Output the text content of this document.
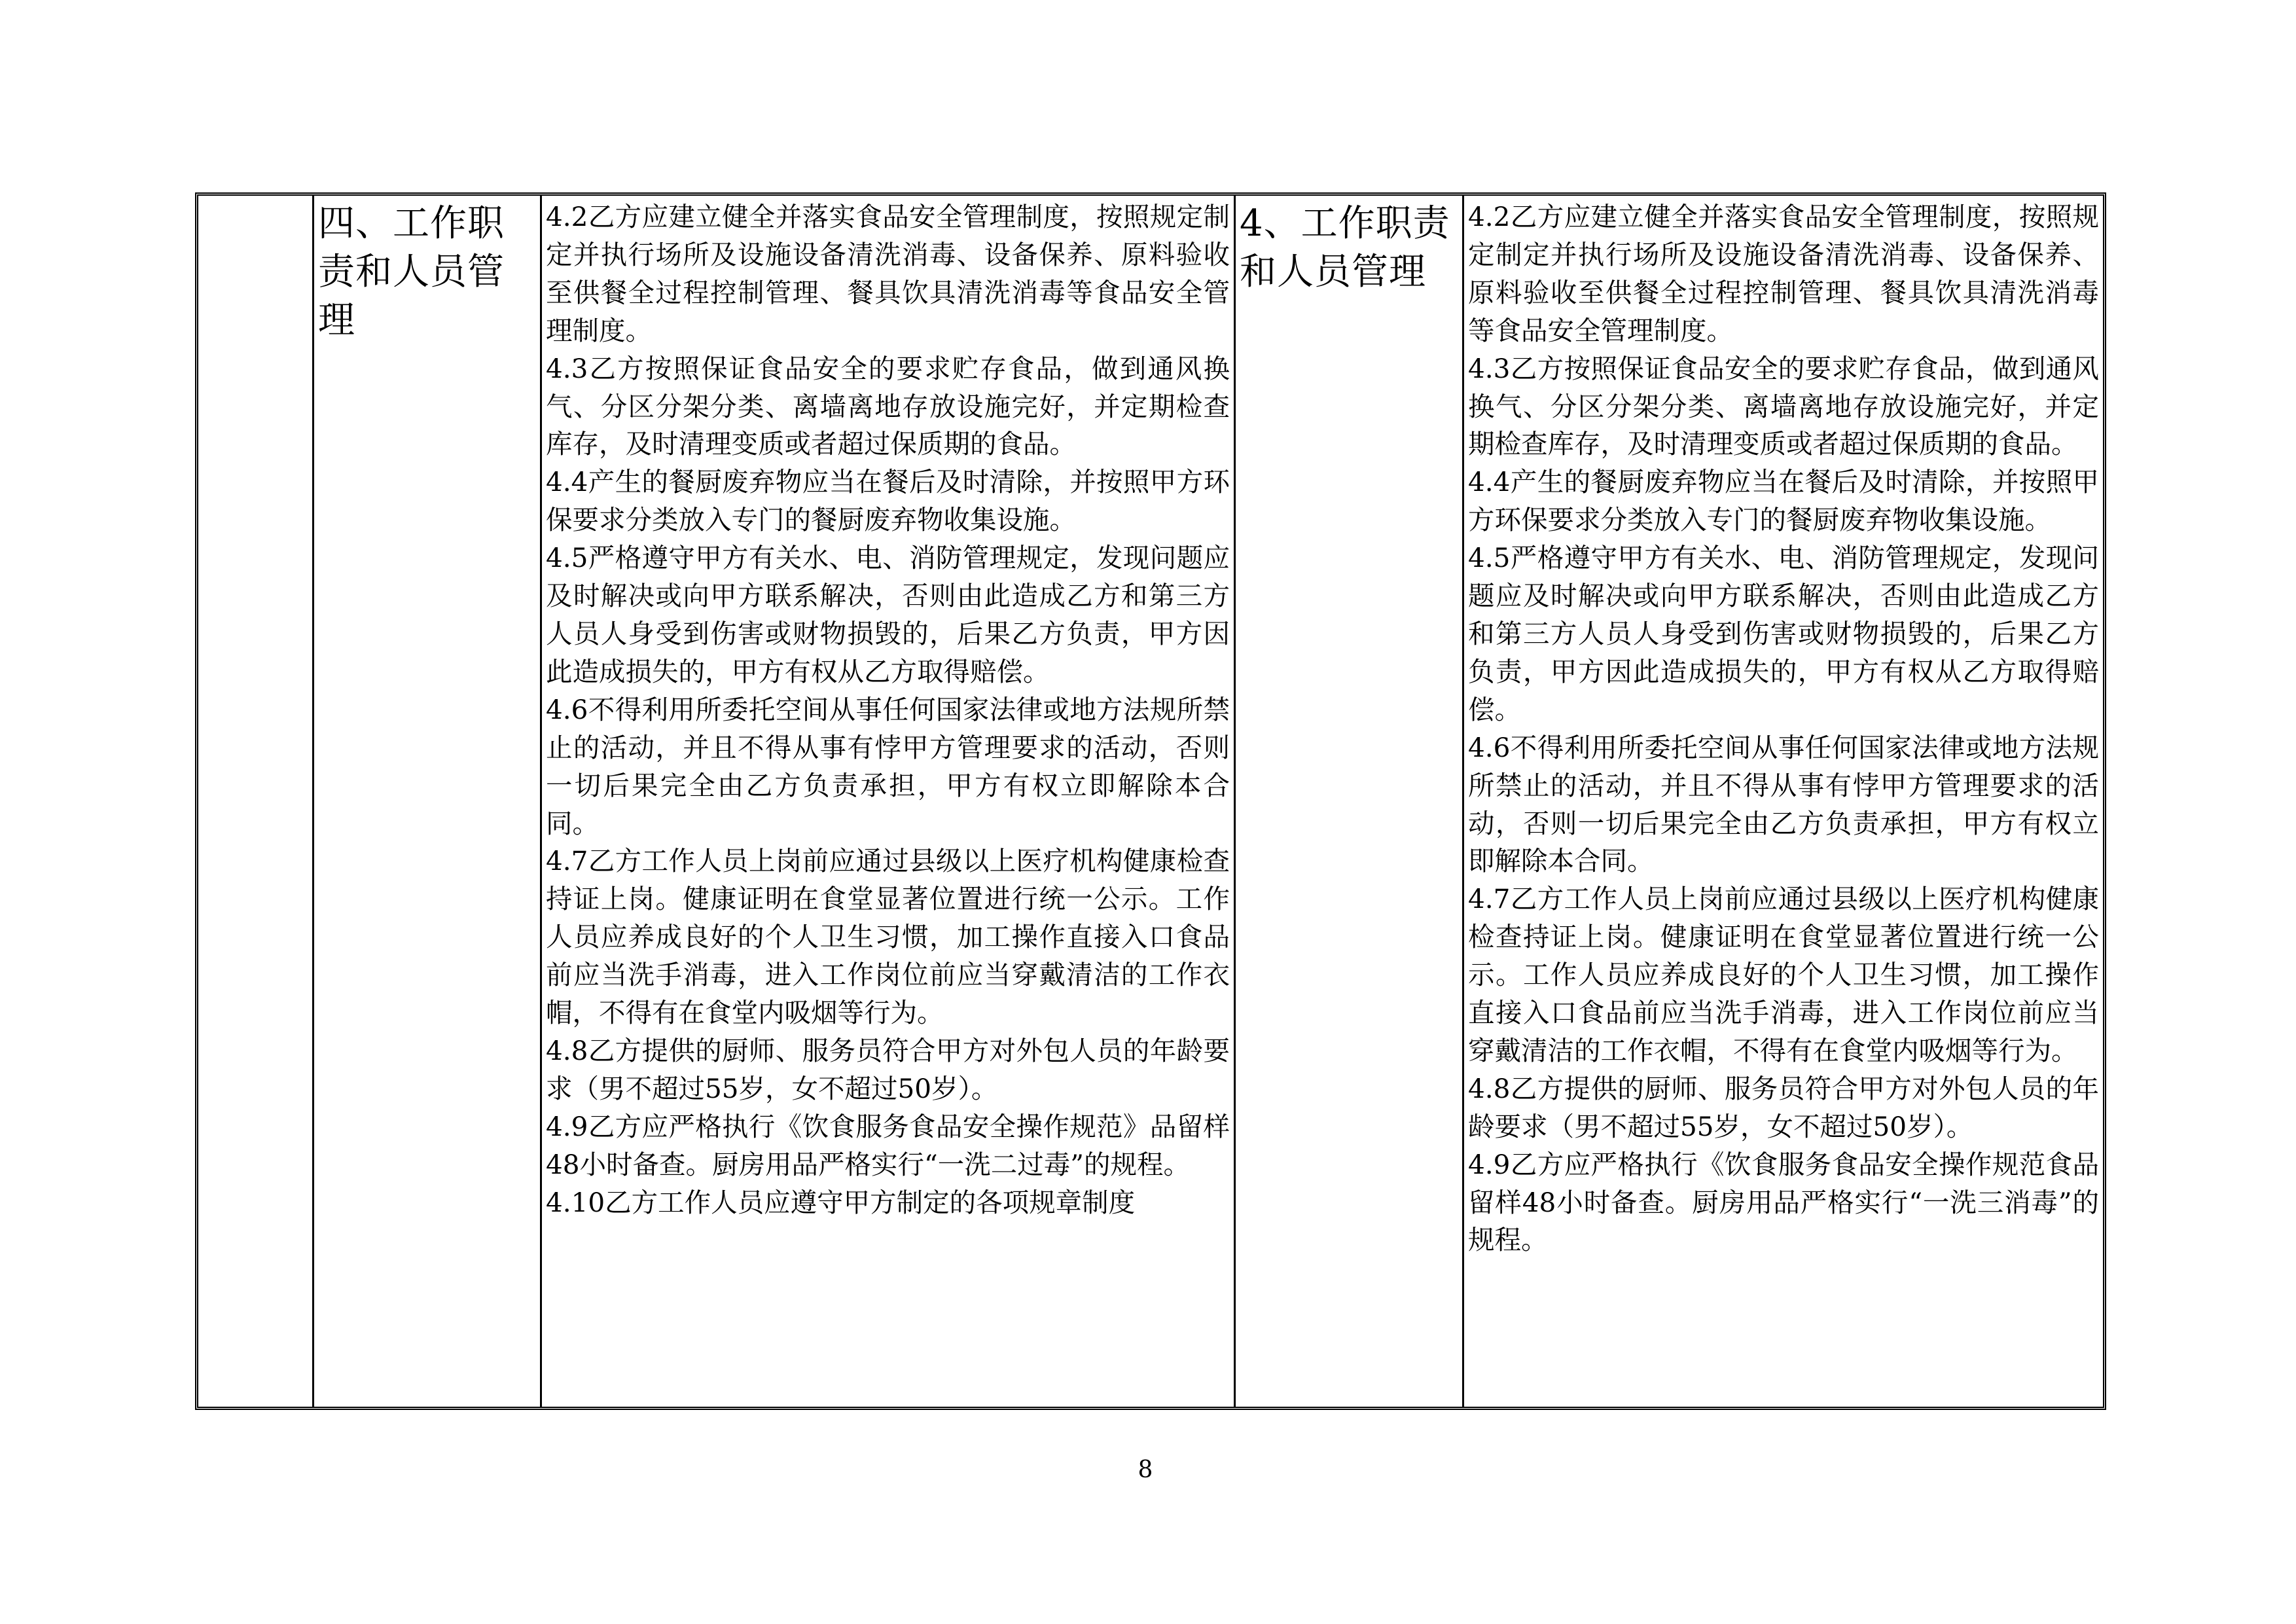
四、工作职责和人员管理

4.2乙方应建立健全并落实食品安全管理制度，按照规定制定并执行场所及设施设备清洗消毒、设备保养、原料验收至供餐全过程控制管理、餐具饮具清洗消毒等食品安全管理制度。

4.3乙方按照保证食品安全的要求贮存食品，做到通风换气、分区分架分类、离墙离地存放设施完好，并定期检查库存，及时清理变质或者超过保质期的食品。

4.4产生的餐厨废弃物应当在餐后及时清除，并按照甲方环保要求分类放入专门的餐厨废弃物收集设施。

4.5严格遵守甲方有关水、电、消防管理规定，发现问题应及时解决或向甲方联系解决，否则由此造成乙方和第三方人员人身受到伤害或财物损毁的，后果乙方负责，甲方因此造成损失的，甲方有权从乙方取得赔偿。

4.6不得利用所委托空间从事任何国家法律或地方法规所禁止的活动，并且不得从事有悖甲方管理要求的活动，否则一切后果完全由乙方负责承担，甲方有权立即解除本合同。

4.7乙方工作人员上岗前应通过县级以上医疗机构健康检查持证上岗。健康证明在食堂显著位置进行统一公示。工作人员应养成良好的个人卫生习惯，加工操作直接入口食品前应当洗手消毒，进入工作岗位前应当穿戴清洁的工作衣帽，不得有在食堂内吸烟等行为。

4.8乙方提供的厨师、服务员符合甲方对外包人员的年龄要求（男不超过55岁，女不超过50岁）。

4.9乙方应严格执行《饮食服务食品安全操作规范》品留样48小时备查。厨房用品严格实行“一洗二过毒”的规程。

4.10乙方工作人员应遵守甲方制定的各项规章制度

4、工作职责和人员管理

4.2乙方应建立健全并落实食品安全管理制度，按照规定制定并执行场所及设施设备清洗消毒、设备保养、原料验收至供餐全过程控制管理、餐具饮具清洗消毒等食品安全管理制度。

4.3乙方按照保证食品安全的要求贮存食品，做到通风换气、分区分架分类、离墙离地存放设施完好，并定期检查库存，及时清理变质或者超过保质期的食品。

4.4产生的餐厨废弃物应当在餐后及时清除，并按照甲方环保要求分类放入专门的餐厨废弃物收集设施。

4.5严格遵守甲方有关水、电、消防管理规定，发现问题应及时解决或向甲方联系解决，否则由此造成乙方和第三方人员人身受到伤害或财物损毁的，后果乙方负责，甲方因此造成损失的，甲方有权从乙方取得赔偿。

4.6不得利用所委托空间从事任何国家法律或地方法规所禁止的活动，并且不得从事有悖甲方管理要求的活动，否则一切后果完全由乙方负责承担，甲方有权立即解除本合同。

4.7乙方工作人员上岗前应通过县级以上医疗机构健康检查持证上岗。健康证明在食堂显著位置进行统一公示。工作人员应养成良好的个人卫生习惯，加工操作直接入口食品前应当洗手消毒，进入工作岗位前应当穿戴清洁的工作衣帽，不得有在食堂内吸烟等行为。

4.8乙方提供的厨师、服务员符合甲方对外包人员的年龄要求（男不超过55岁，女不超过50岁）。

4.9乙方应严格执行《饮食服务食品安全操作规范食品留样48小时备查。厨房用品严格实行“一洗三消毒”的规程。

8
